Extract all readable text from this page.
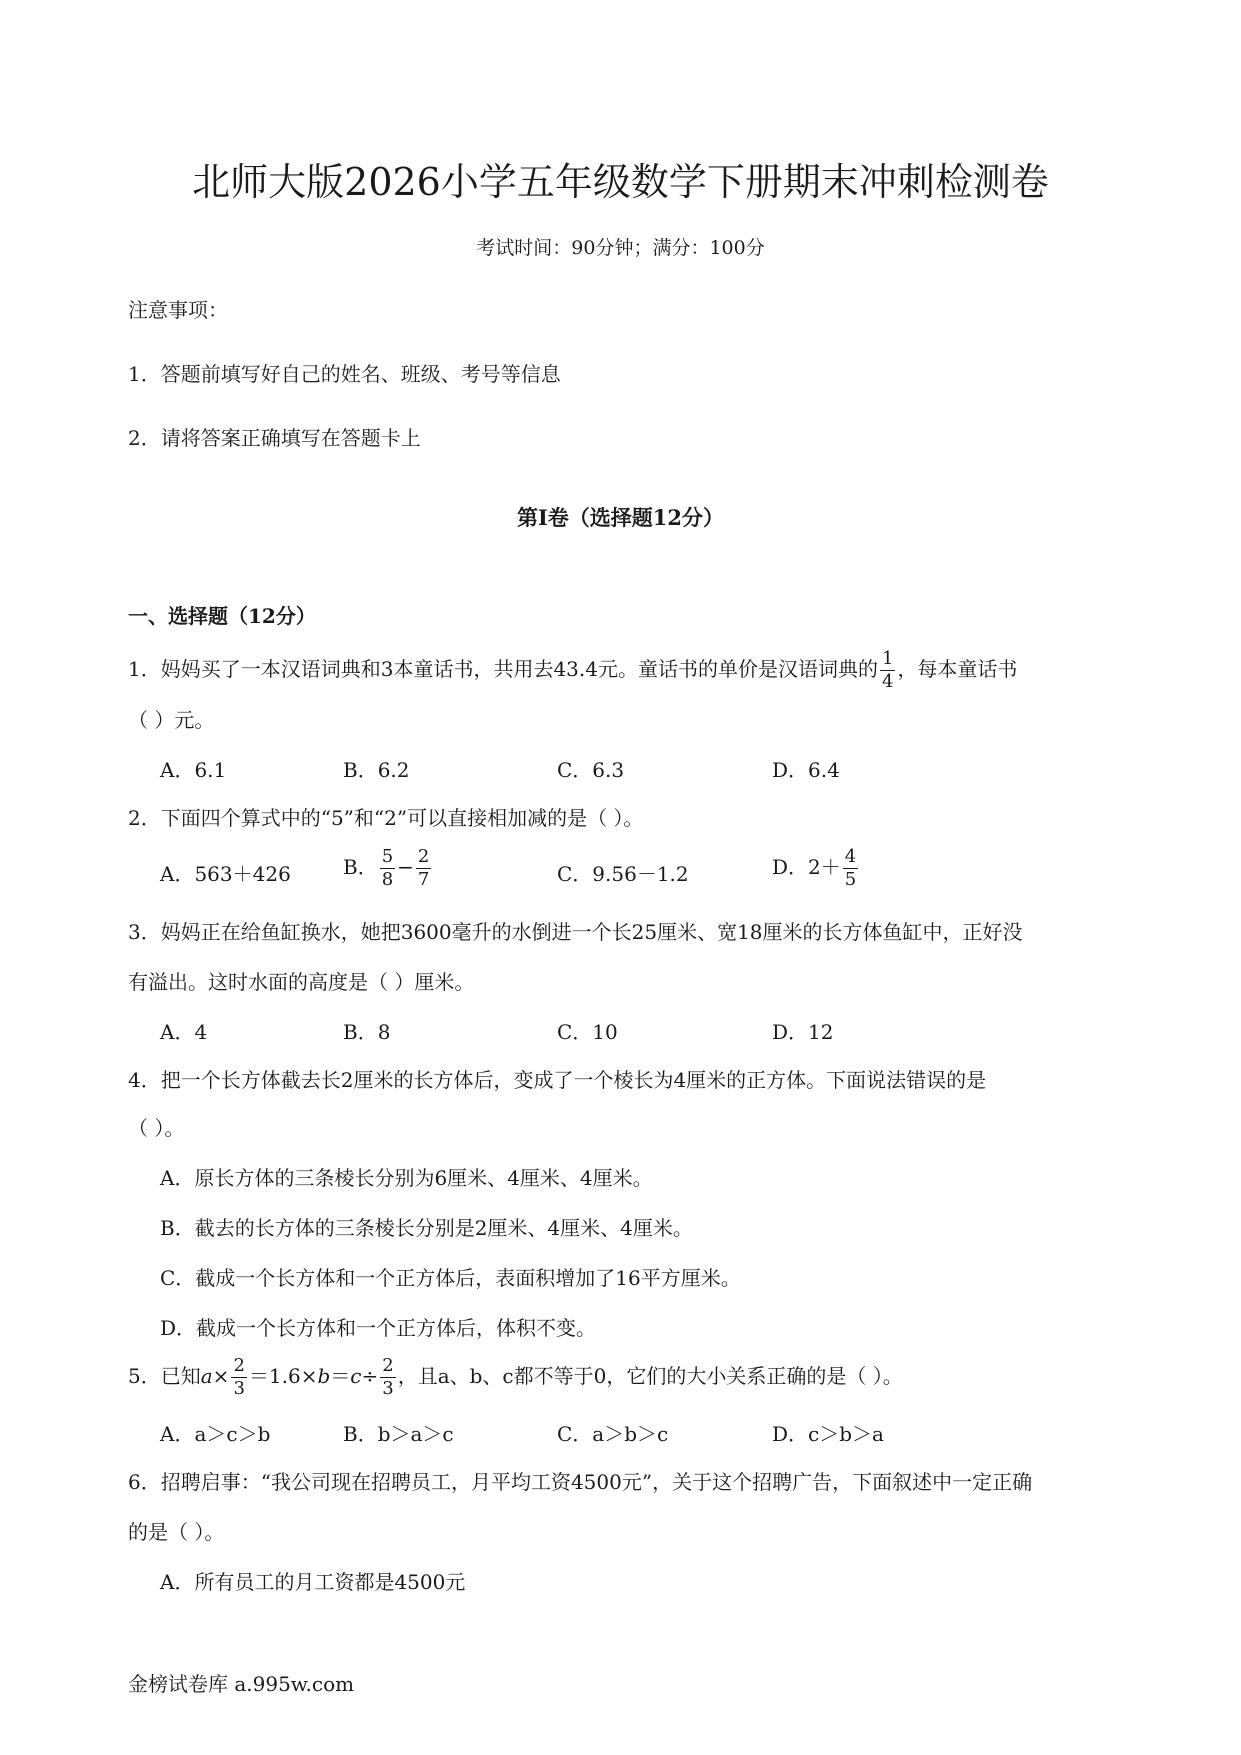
北师大版2026小学五年级数学下册期末冲刺检测卷
考试时间：90分钟；满分：100分
注意事项：
1．答题前填写好自己的姓名、班级、考号等信息
2．请将答案正确填写在答题卡上
第I卷（选择题12分）
一、选择题（12分）
1．妈妈买了一本汉语词典和3本童话书，共用去43.4元。童话书的单价是汉语词典的 $\frac{1}{4}$ ，每本童话书
（ ）元。
A．6.1	B．6.2	C．6.3	D．6.4
2．下面四个算式中的“5”和“2”可以直接相加减的是（ ）。
A．563＋426	B． $\frac{5}{8} - \frac{2}{7}$	C．9.56－1.2	D．$2+ \frac{4}{5}$
3．妈妈正在给鱼缸换水，她把3600毫升的水倒进一个长25厘米、宽18厘米的长方体鱼缸中，正好没
有溢出。这时水面的高度是（ ）厘米。
A．4	B．8	C．10	D．12
4．把一个长方体截去长2厘米的长方体后，变成了一个棱长为4厘米的正方体。下面说法错误的是
（ ）。
A．原长方体的三条棱长分别为6厘米、4厘米、4厘米。
B．截去的长方体的三条棱长分别是2厘米、4厘米、4厘米。
C．截成一个长方体和一个正方体后，表面积增加了16平方厘米。
D．截成一个长方体和一个正方体后，体积不变。
5．已知$a\times \frac{2}{3} =1.6\times b=c\div \frac{2}{3}$ ，且a、b、c都不等于0，它们的大小关系正确的是（ ）。
A．a＞c＞b	B．b＞a＞c	C．a＞b＞c	D．c＞b＞a
6．招聘启事：“我公司现在招聘员工，月平均工资4500元”，关于这个招聘广告，下面叙述中一定正确
的是（ ）。
A．所有员工的月工资都是4500元
金榜试卷库 a.995w.com
